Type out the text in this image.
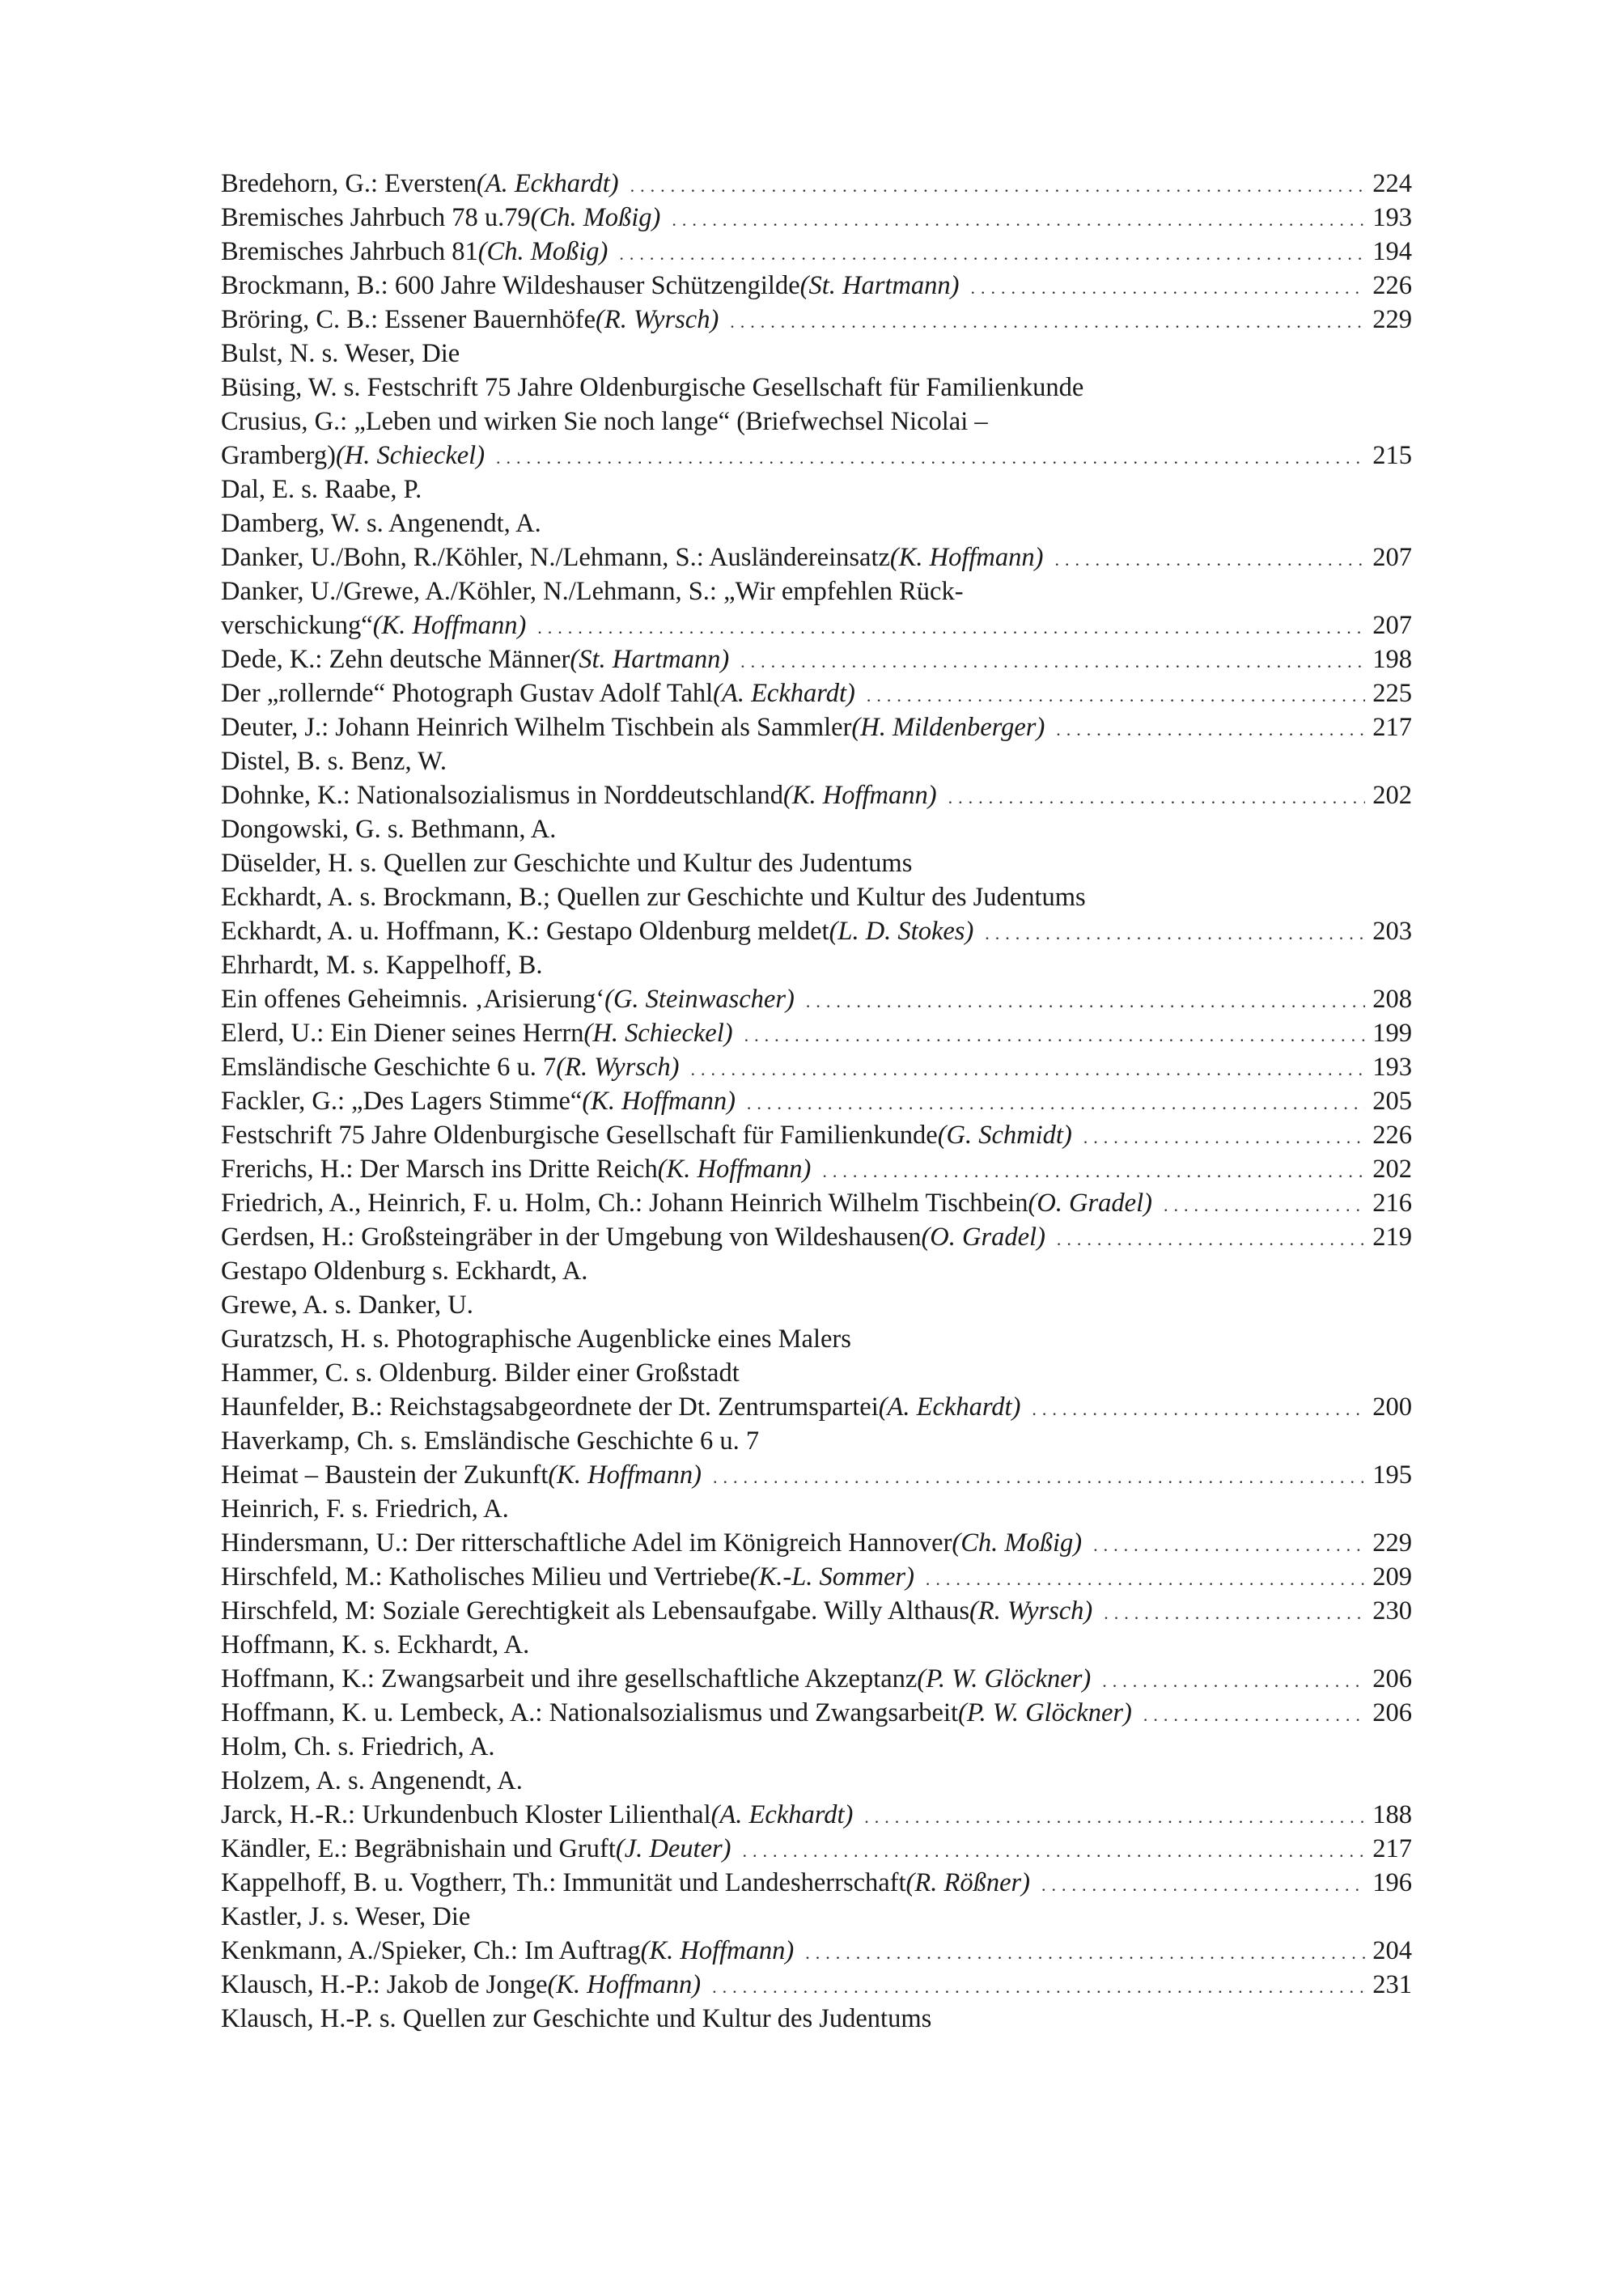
Bredehorn, G.: Eversten (A. Eckhardt) .....	224
Bremisches Jahrbuch 78 u.79 (Ch. Moßig) .....	193
Bremisches Jahrbuch 81 (Ch. Moßig) .....	194
Brockmann, B.: 600 Jahre Wildeshauser Schützengilde (St. Hartmann) .....	226
Bröring, C. B.: Essener Bauernhöfe (R. Wyrsch) .....	229
Bulst, N. s. Weser, Die
Büsing, W. s. Festschrift 75 Jahre Oldenburgische Gesellschaft für Familienkunde
Crusius, G.: „Leben und wirken Sie noch lange“ (Briefwechsel Nicolai –
Gramberg) (H. Schieckel) .....	215
Dal, E. s. Raabe, P.
Damberg, W. s. Angenendt, A.
Danker, U./Bohn, R./Köhler, N./Lehmann, S.: Ausländereinsatz (K. Hoffmann) .....	207
Danker, U./Grewe, A./Köhler, N./Lehmann, S.: „Wir empfehlen Rück-
verschickung“ (K. Hoffmann) .....	207
Dede, K.: Zehn deutsche Männer (St. Hartmann) .....	198
Der „rollernde“ Photograph Gustav Adolf Tahl (A. Eckhardt) .....	225
Deuter, J.: Johann Heinrich Wilhelm Tischbein als Sammler (H. Mildenberger) .....	217
Distel, B. s. Benz, W.
Dohnke, K.: Nationalsozialismus in Norddeutschland (K. Hoffmann) .....	202
Dongowski, G. s. Bethmann, A.
Düselder, H. s. Quellen zur Geschichte und Kultur des Judentums
Eckhardt, A. s. Brockmann, B.; Quellen zur Geschichte und Kultur des Judentums
Eckhardt, A. u. Hoffmann, K.: Gestapo Oldenburg meldet (L. D. Stokes) .....	203
Ehrhardt, M. s. Kappelhoff, B.
Ein offenes Geheimnis. ‚Arisierung‘ (G. Steinwascher) .....	208
Elerd, U.: Ein Diener seines Herrn (H. Schieckel) .....	199
Emsländische Geschichte 6 u. 7 (R. Wyrsch) .....	193
Fackler, G.: „Des Lagers Stimme“ (K. Hoffmann) .....	205
Festschrift 75 Jahre Oldenburgische Gesellschaft für Familienkunde (G. Schmidt) .....	226
Frerichs, H.: Der Marsch ins Dritte Reich (K. Hoffmann) .....	202
Friedrich, A., Heinrich, F. u. Holm, Ch.: Johann Heinrich Wilhelm Tischbein (O. Gradel) .....	216
Gerdsen, H.: Großsteingräber in der Umgebung von Wildeshausen (O. Gradel) .....	219
Gestapo Oldenburg s. Eckhardt, A.
Grewe, A. s. Danker, U.
Guratzsch, H. s. Photographische Augenblicke eines Malers
Hammer, C. s. Oldenburg. Bilder einer Großstadt
Haunfelder, B.: Reichstagsabgeordnete der Dt. Zentrumspartei (A. Eckhardt) .....	200
Haverkamp, Ch. s. Emsländische Geschichte 6 u. 7
Heimat – Baustein der Zukunft (K. Hoffmann) .....	195
Heinrich, F. s. Friedrich, A.
Hindersmann, U.: Der ritterschaftliche Adel im Königreich Hannover (Ch. Moßig) .....	229
Hirschfeld, M.: Katholisches Milieu und Vertriebe (K.-L. Sommer) .....	209
Hirschfeld, M: Soziale Gerechtigkeit als Lebensaufgabe. Willy Althaus (R. Wyrsch) .....	230
Hoffmann, K. s. Eckhardt, A.
Hoffmann, K.: Zwangsarbeit und ihre gesellschaftliche Akzeptanz (P. W. Glöckner) .....	206
Hoffmann, K. u. Lembeck, A.: Nationalsozialismus und Zwangsarbeit (P. W. Glöckner) .....	206
Holm, Ch. s. Friedrich, A.
Holzem, A. s. Angenendt, A.
Jarck, H.-R.: Urkundenbuch Kloster Lilienthal (A. Eckhardt) .....	188
Kändler, E.: Begräbnishain und Gruft (J. Deuter) .....	217
Kappelhoff, B. u. Vogtherr, Th.: Immunität und Landesherrschaft (R. Rößner) .....	196
Kastler, J. s. Weser, Die
Kenkmann, A./Spieker, Ch.: Im Auftrag (K. Hoffmann) .....	204
Klausch, H.-P.: Jakob de Jonge (K. Hoffmann) .....	231
Klausch, H.-P. s. Quellen zur Geschichte und Kultur des Judentums
